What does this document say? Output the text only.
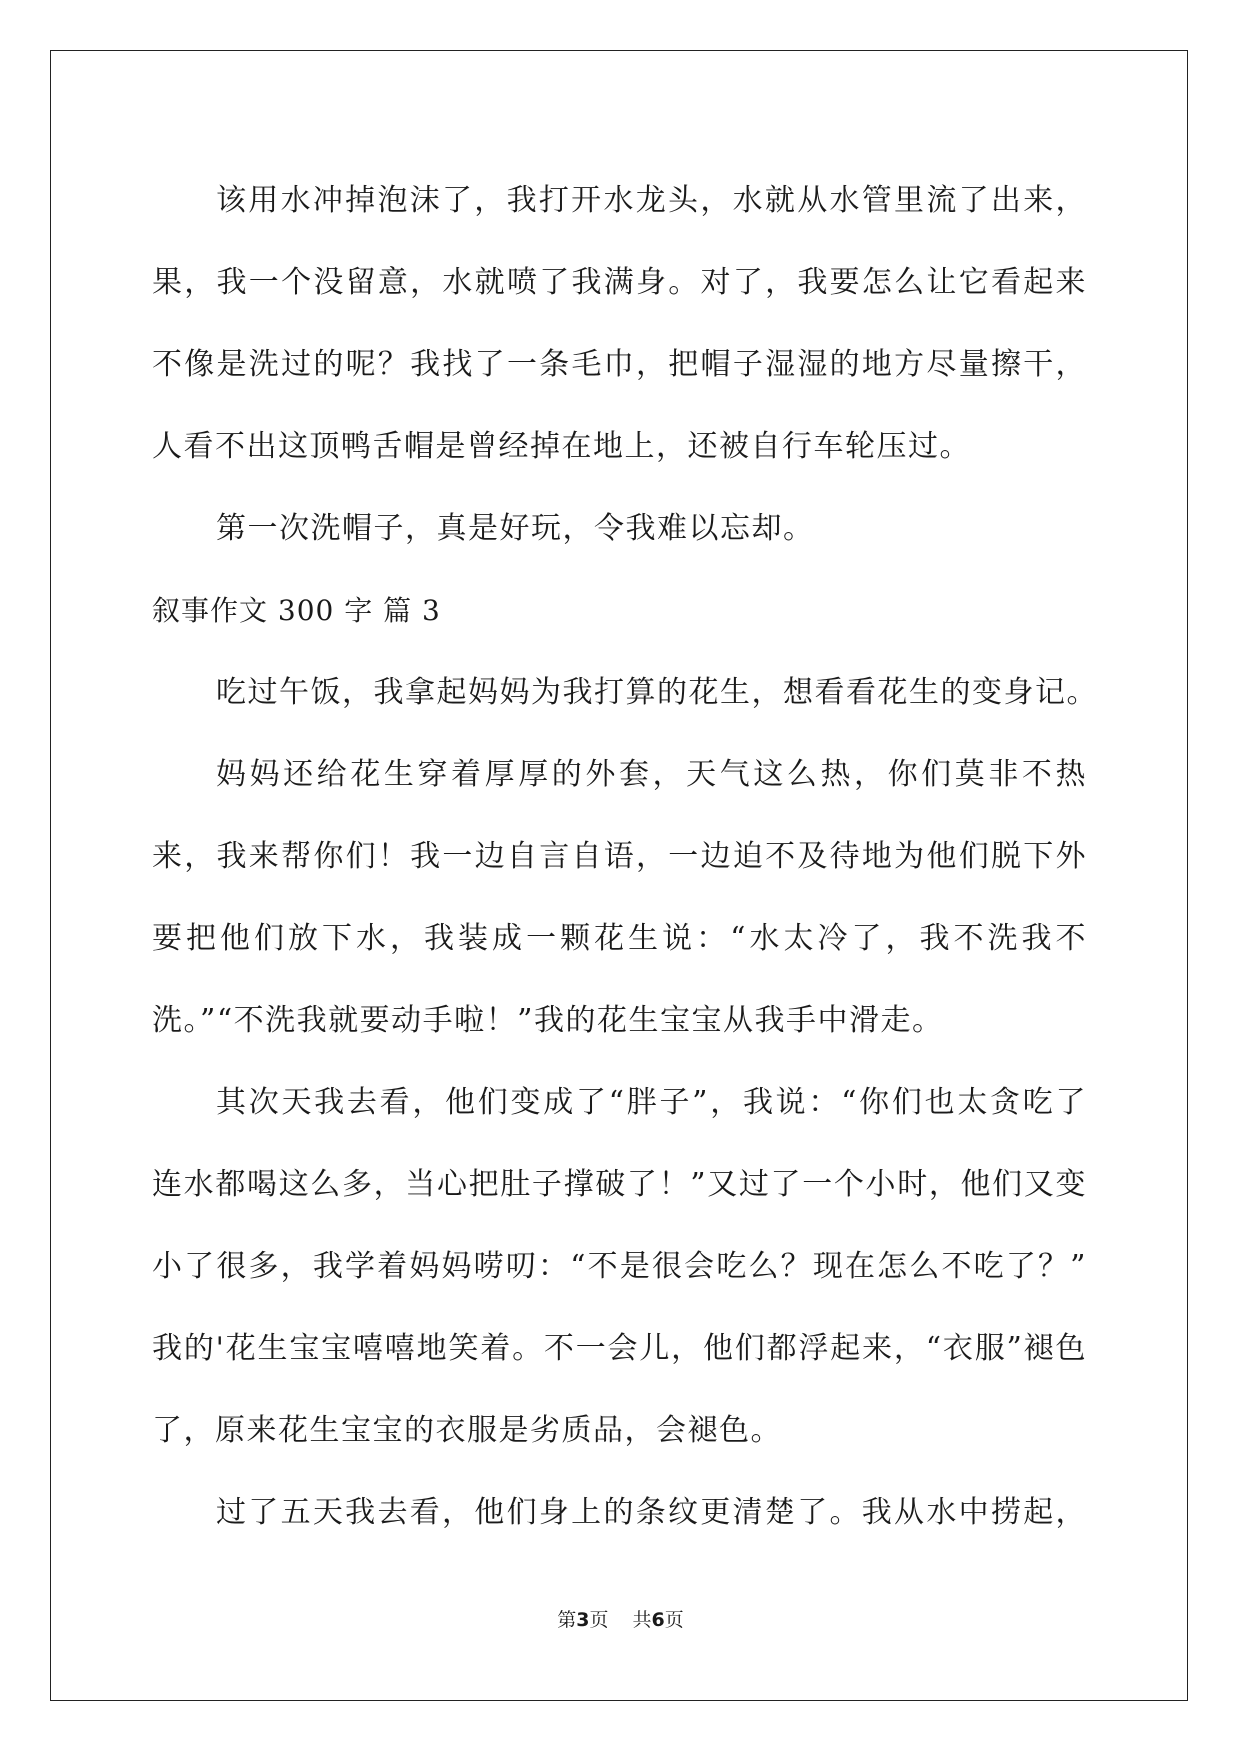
该用水冲掉泡沫了，我打开水龙头，水就从水管里流了出来，
果，我一个没留意，水就喷了我满身。对了，我要怎么让它看起来
不像是洗过的呢？我找了一条毛巾，把帽子湿湿的地方尽量擦干，
人看不出这顶鸭舌帽是曾经掉在地上，还被自行车轮压过。
第一次洗帽子，真是好玩，令我难以忘却。
叙事作文 300 字 篇 3
吃过午饭，我拿起妈妈为我打算的花生，想看看花生的变身记。
妈妈还给花生穿着厚厚的外套，天气这么热，你们莫非不热
来，我来帮你们！我一边自言自语，一边迫不及待地为他们脱下外
要把他们放下水，我装成一颗花生说：“水太冷了，我不洗我不
洗。”“不洗我就要动手啦！”我的花生宝宝从我手中滑走。
其次天我去看，他们变成了“胖子”，我说：“你们也太贪吃了
连水都喝这么多，当心把肚子撑破了！”又过了一个小时，他们又变
小了很多，我学着妈妈唠叨：“不是很会吃么？现在怎么不吃了？”
我的'花生宝宝嘻嘻地笑着。不一会儿，他们都浮起来，“衣服”褪色
了，原来花生宝宝的衣服是劣质品，会褪色。
过了五天我去看，他们身上的条纹更清楚了。我从水中捞起，
第3页 共6页
